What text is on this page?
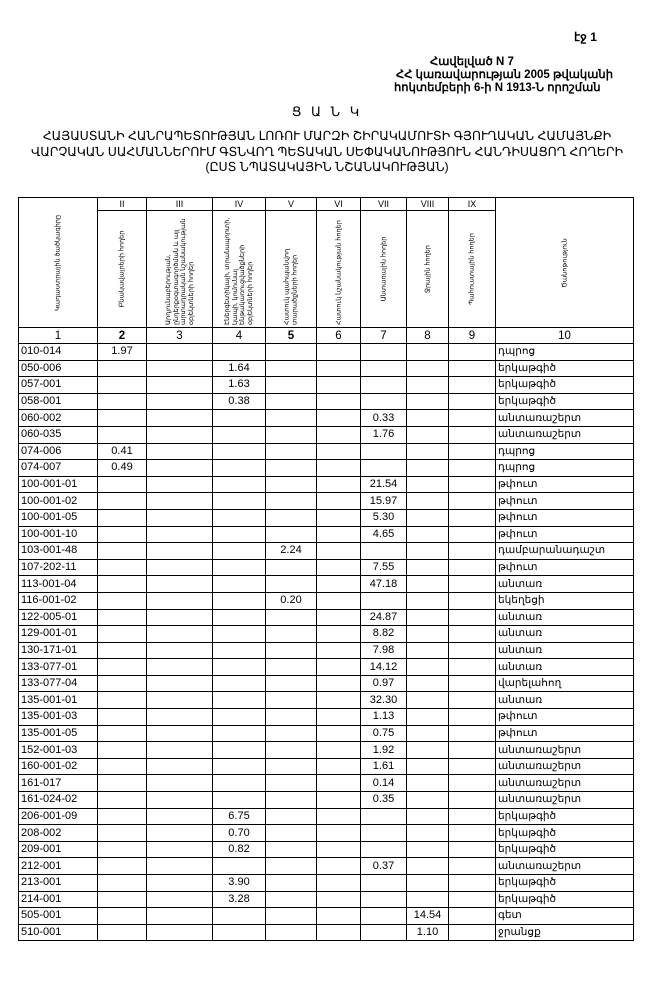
էջ 1
Հավելված N 7
ՀՀ կառավարության 2005 թվականի
հոկտեմբերի 6-ի N 1913-Ն որոշման
Ց Ա Ն Կ
ՀԱՅԱՍՏԱՆԻ ՀԱՆՐԱՊԵՏՈՒԹՅԱՆ ԼՈՌՈՒ ՄԱՐԶԻ ՇԻՐԱԿԱՄՈՒՏԻ ԳՅՈՒՂԱԿԱՆ ՀԱՄԱՅՆՔԻ
ՎԱՐՉԱԿԱՆ ՍԱՀՄԱՆՆԵՐՈՒՄ ԳՏՆՎՈՂ ՊԵՏԱԿԱՆ ՍԵՓԱԿԱՆՈՒԹՅՈՒՆ ՀԱՆԴԻՍԱՑՈՂ ՀՈՂԵՐԻ
(ԸՍՏ ՆՊԱՏԱԿԱՅԻՆ ՆՇԱՆԱԿՈՒԹՅԱՆ)
Կադաստրային ծածկագիրը	II	III	IV	V	VI	VII	VIII	IX	Ծանոթություն

	Բնակավայրերի հողեր	Արդյունաբերության, ընդերքօգտագործման և այլ արտադրական նշանակության օբյեկտների հողեր	Էներգետիկայի, տրանսպորտի, կապի, կոմունալ ենթակառուցվածքների օբյեկտների հողեր	Հատուկ պահպանվող տարածքների հողեր	Հատուկ նշանակության հողեր	Անտառային հողեր	Ջրային հողեր	Պահուստային հողեր	

1	2	3	4	5	6	7	8	9	10
010-014	1.97								դպրոց
050-006			1.64						երկաթգիծ
057-001			1.63						երկաթգիծ
058-001			0.38						երկաթգիծ
060-002						0.33			անտառաշերտ
060-035						1.76			անտառաշերտ
074-006	0.41								դպրոց
074-007	0.49								դպրոց
100-001-01						21.54			թփուտ
100-001-02						15.97			թփուտ
100-001-05						5.30			թփուտ
100-001-10						4.65			թփուտ
103-001-48				2.24					դամբարանադաշտ
107-202-11						7.55			թփուտ
113-001-04						47.18			անտառ
116-001-02				0.20					եկեղեցի
122-005-01						24.87			անտառ
129-001-01						8.82			անտառ
130-171-01						7.98			անտառ
133-077-01						14.12			անտառ
133-077-04						0.97			վարելահող
135-001-01						32.30			անտառ
135-001-03						1.13			թփուտ
135-001-05						0.75			թփուտ
152-001-03						1.92			անտառաշերտ
160-001-02						1.61			անտառաշերտ
161-017						0.14			անտառաշերտ
161-024-02						0.35			անտառաշերտ
206-001-09			6.75						երկաթգիծ
208-002			0.70						երկաթգիծ
209-001			0.82						երկաթգիծ
212-001						0.37			անտառաշերտ
213-001			3.90						երկաթգիծ
214-001			3.28						երկաթգիծ
505-001							14.54		գետ
510-001							1.10		ջրանցք
